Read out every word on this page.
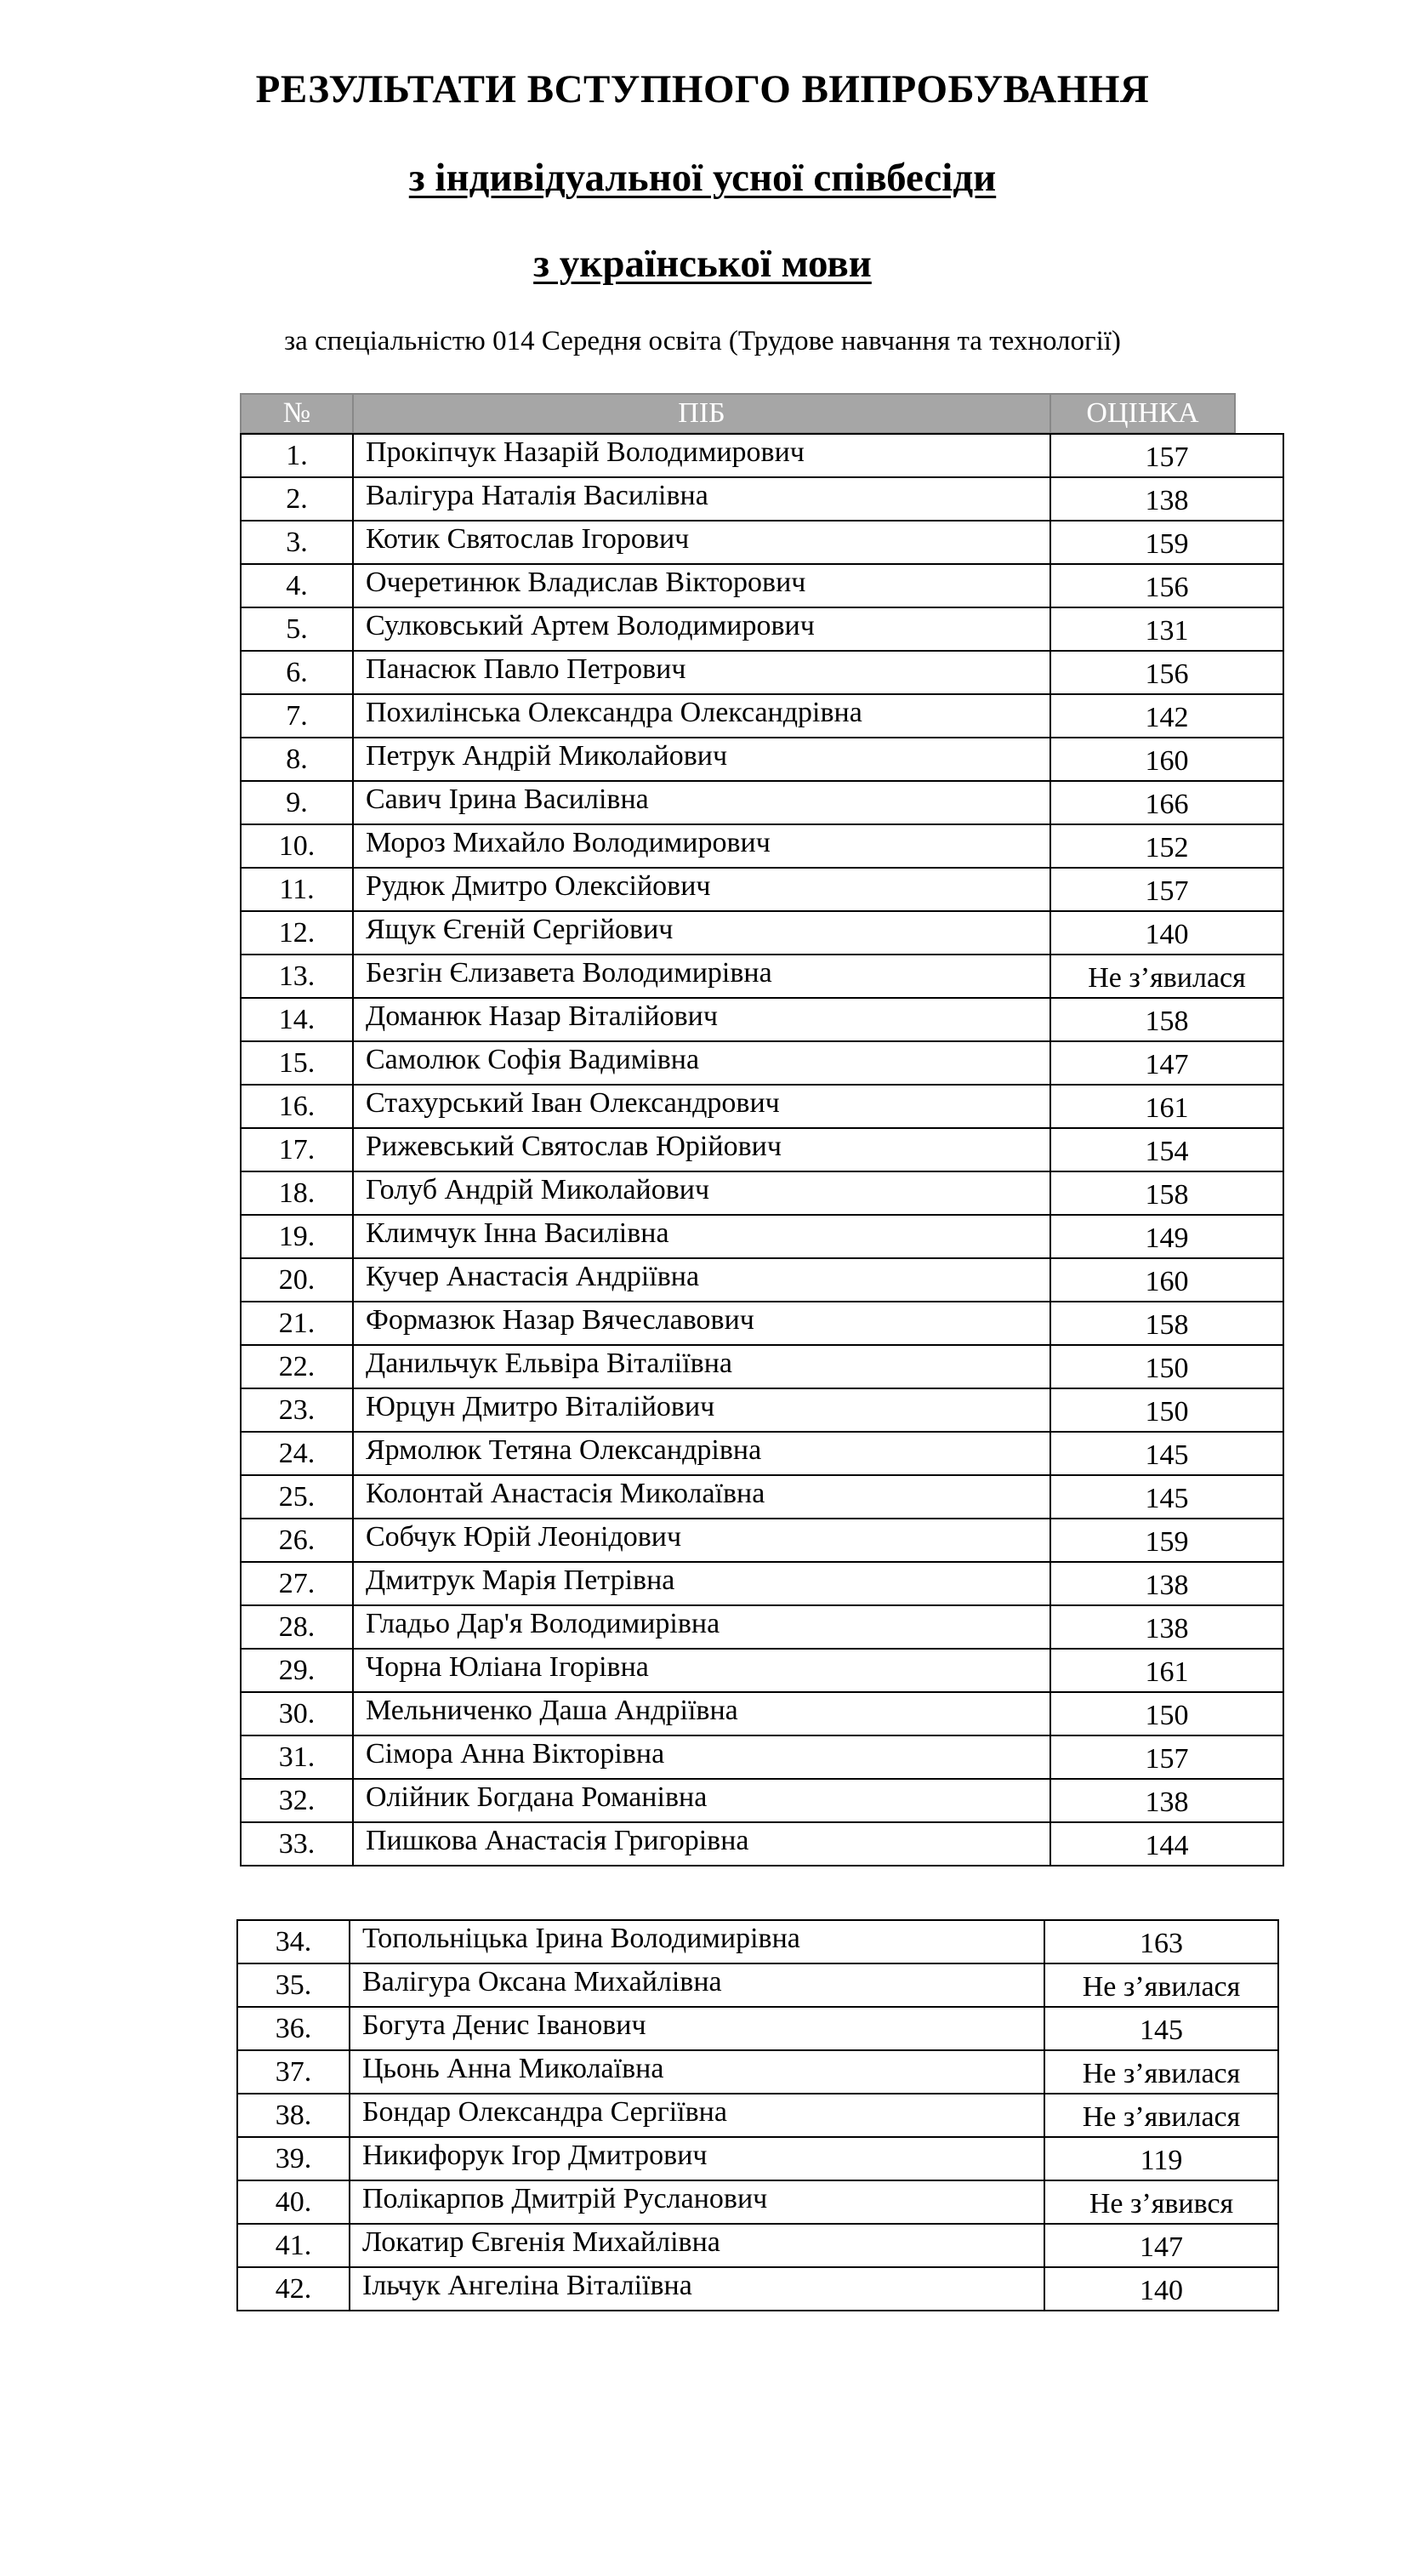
РЕЗУЛЬТАТИ ВСТУПНОГО ВИПРОБУВАННЯ
з індивідуальної усної співбесіди
з української мови
за спеціальністю 014 Середня освіта (Трудове навчання та технології)
№	ПІБ	ОЦІНКА
1.	Прокіпчук Назарій Володимирович	157
2.	Валігура Наталія Василівна	138
3.	Котик Святослав Ігорович	159
4.	Очеретинюк Владислав Вікторович	156
5.	Сулковський Артем Володимирович	131
6.	Панасюк Павло Петрович	156
7.	Похилінська Олександра Олександрівна	142
8.	Петрук Андрій Миколайович	160
9.	Савич Ірина Василівна	166
10.	Мороз Михайло Володимирович	152
11.	Рудюк Дмитро Олексійович	157
12.	Ящук Єгеній Сергійович	140
13.	Безгін Єлизавета Володимирівна	Не з’явилася
14.	Доманюк Назар Віталійович	158
15.	Самолюк Софія Вадимівна	147
16.	Стахурський Іван Олександрович	161
17.	Рижевський Святослав Юрійович	154
18.	Голуб Андрій Миколайович	158
19.	Климчук Інна Василівна	149
20.	Кучер Анастасія Андріївна	160
21.	Формазюк Назар Вячеславович	158
22.	Данильчук Ельвіра Віталіївна	150
23.	Юрцун Дмитро Віталійович	150
24.	Ярмолюк Тетяна Олександрівна	145
25.	Колонтай Анастасія Миколаївна	145
26.	Собчук Юрій Леонідович	159
27.	Дмитрук Марія Петрівна	138
28.	Гладьо Дар'я Володимирівна	138
29.	Чорна Юліана Ігорівна	161
30.	Мельниченко Даша Андріївна	150
31.	Сімора Анна Вікторівна	157
32.	Олійник Богдана Романівна	138
33.	Пишкова Анастасія Григорівна	144
34.	Топольніцька Ірина Володимирівна	163
35.	Валігура Оксана Михайлівна	Не з’явилася
36.	Богута Денис Іванович	145
37.	Цьонь Анна Миколаївна	Не з’явилася
38.	Бондар Олександра Сергіївна	Не з’явилася
39.	Никифорук Ігор Дмитрович	119
40.	Полікарпов Дмитрій Русланович	Не з’явився
41.	Локатир Євгенія Михайлівна	147
42.	Ільчук Ангеліна Віталіївна	140
